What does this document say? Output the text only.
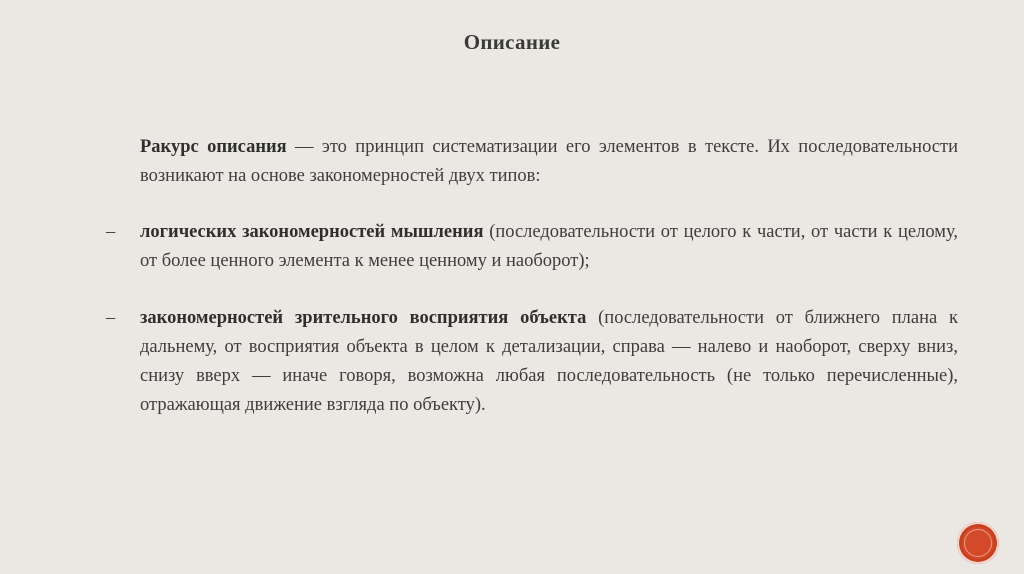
Описание

Ракурс описания — это принцип систематизации его элементов в тексте. Их последовательности возникают на основе закономерностей двух типов:

– логических закономерностей мышления (последовательности от целого к части, от части к целому, от более ценного элемента к менее ценному и наоборот);

– закономерностей зрительного восприятия объекта (последовательности от ближнего плана к дальнему, от восприятия объекта в целом к детализации, справа — налево и наоборот, сверху вниз, снизу вверх — иначе говоря, возможна любая последовательность (не только перечисленные), отражающая движение взгляда по объекту).
